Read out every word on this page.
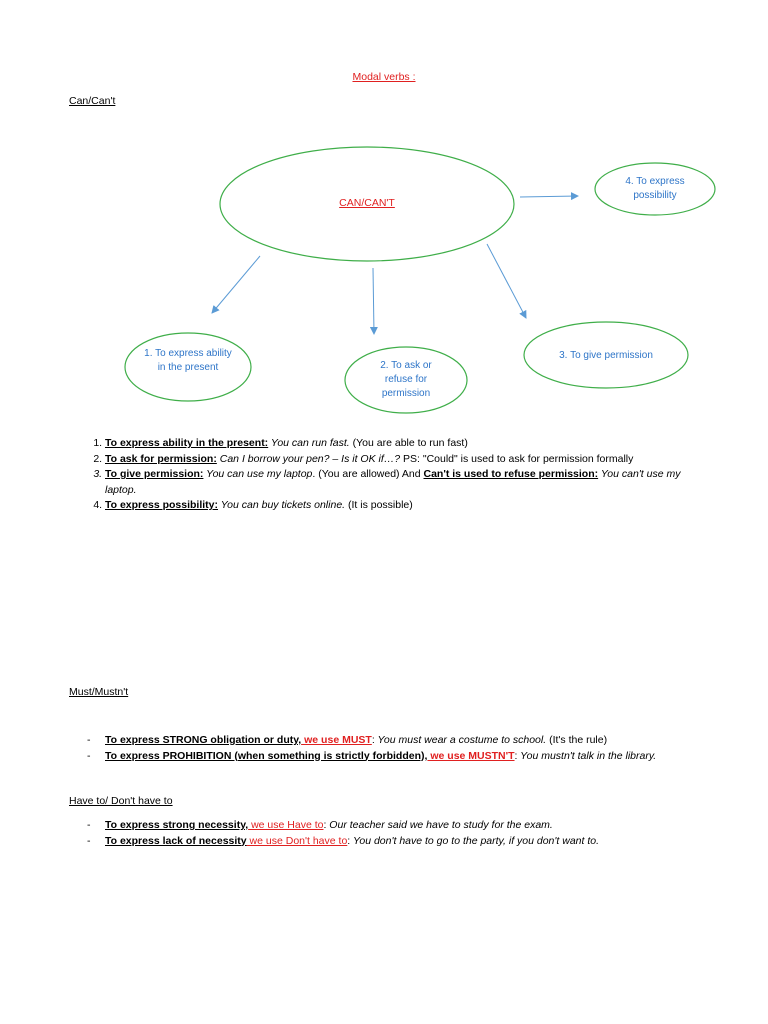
Modal verbs :
Can/Can't
CAN/CAN'T
4. To express possibility
1. To express ability in the present	2. To ask or refuse for permission
3. To give permission
1. To express ability in the present: You can run fast. (You are able to run fast)
2. To ask for permission: Can I borrow your pen? – Is it OK if…? PS: "Could" is used to ask for permission formally
3. To give permission: You can use my laptop. (You are allowed) And Can't is used to refuse permission: You can't use my laptop.
4. To express possibility: You can buy tickets online. (It is possible)
Must/Mustn't
- To express STRONG obligation or duty, we use MUST: You must wear a costume to school. (It's the rule)
- To express PROHIBITION (when something is strictly forbidden), we use MUSTN'T: You mustn't talk in the library.
Have to/ Don't have to
- To express strong necessity, we use Have to: Our teacher said we have to study for the exam.
- To express lack of necessity we use Don't have to: You don't have to go to the party, if you don't want to.
